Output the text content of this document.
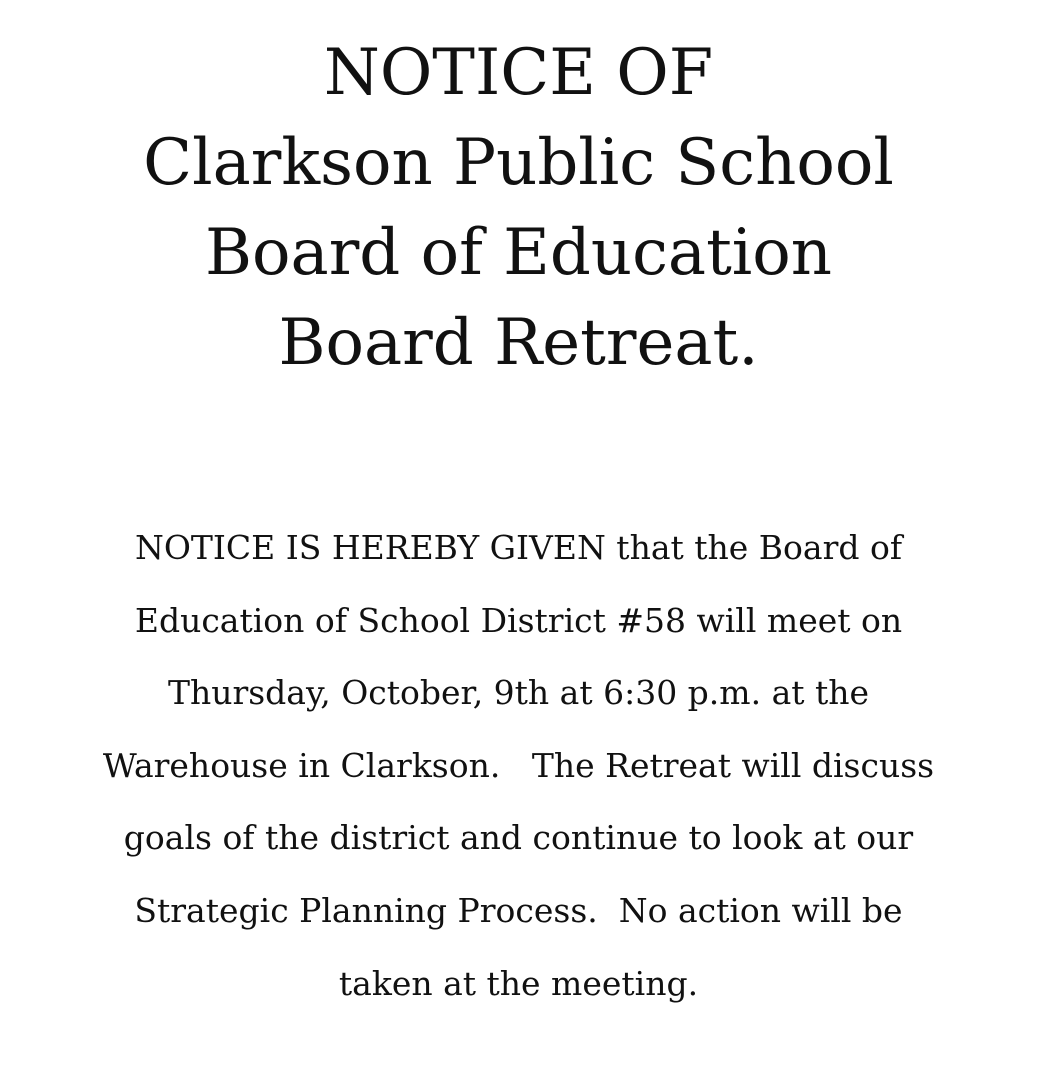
NOTICE OF
Clarkson Public School
Board of Education
Board Retreat.
NOTICE IS HEREBY GIVEN that the Board of
Education of School District #58 will meet on
Thursday, October, 9th at 6:30 p.m. at the
Warehouse in Clarkson.   The Retreat will discuss
goals of the district and continue to look at our
Strategic Planning Process.  No action will be
taken at the meeting.
